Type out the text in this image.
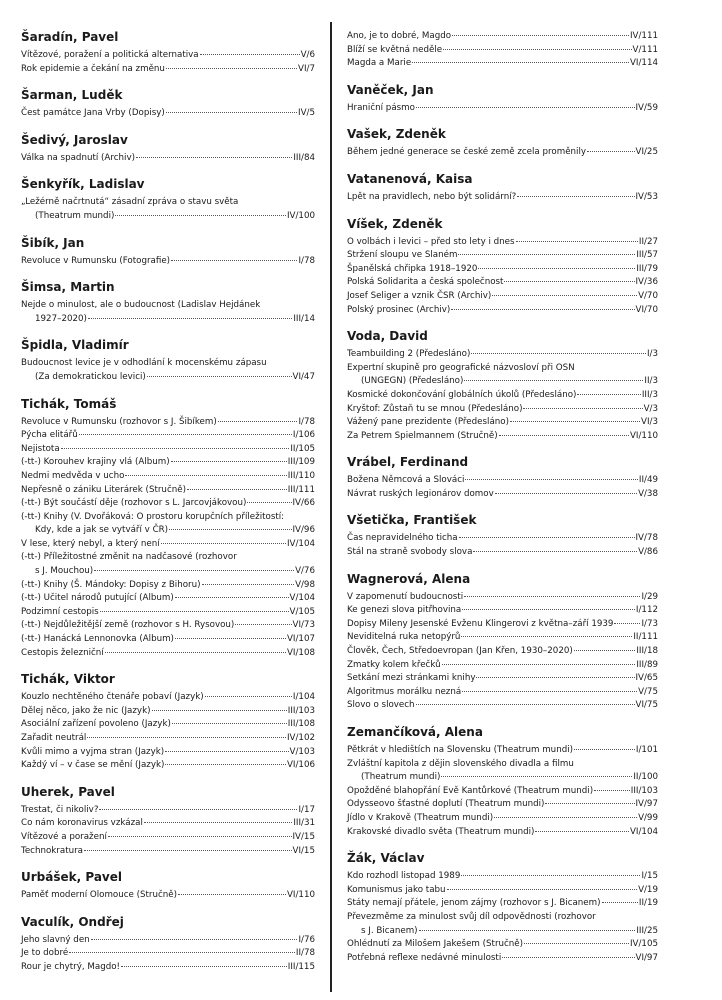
Šaradín, Pavel
Vítězové, poražení a politická alternativa	V/6
Rok epidemie a čekání na změnu	VI/7
Šarman, Luděk
Čest památce Jana Vrby (Dopisy)	IV/5
Šedivý, Jaroslav
Válka na spadnutí (Archiv)	III/84
Šenkyřík, Ladislav
„Ležérně načrtnutá“ zásadní zpráva o stavu světa
(Theatrum mundi)	IV/100
Šibík, Jan
Revoluce v Rumunsku (Fotografie)	I/78
Šimsa, Martin
Nejde o minulost, ale o budoucnost (Ladislav Hejdánek
1927–2020)	III/14
Špidla, Vladimír
Budoucnost levice je v odhodlání k mocenskému zápasu
(Za demokratickou levici)	VI/47
Tichák, Tomáš
Revoluce v Rumunsku (rozhovor s J. Šibíkem)	I/78
Pýcha elitářů	I/106
Nejistota	II/105
(-tt-) Korouhev krajiny vlá (Album)	III/109
Nedmi medvěda v ucho	III/110
Nepřesně o zániku Literárek (Stručně)	III/111
(-tt-) Být součástí děje (rozhovor s L. Jarcovjákovou)	IV/66
(-tt-) Knihy (V. Dvořáková: O prostoru korupčních příležitostí:
Kdy, kde a jak se vytváří v ČR)	IV/96
V lese, který nebyl, a který není	IV/104
(-tt-) Příležitostné změnit na nadčasové (rozhovor
s J. Mouchou)	V/76
(-tt-) Knihy (Š. Mándoky: Dopisy z Bihoru)	V/98
(-tt-) Učitel národů putující (Album)	V/104
Podzimní cestopis	V/105
(-tt-) Nejdůležitější země (rozhovor s H. Rysovou)	VI/73
(-tt-) Hanácká Lennonovka (Album)	VI/107
Cestopis železniční	VI/108
Tichák, Viktor
Kouzlo nechtěného čtenáře pobaví (Jazyk)	I/104
Dělej něco, jako že nic (Jazyk)	III/103
Asociální zařízení povoleno (Jazyk)	III/108
Zařadit neutrál	IV/102
Kvůli mimo a vyjma stran (Jazyk)	V/103
Každý ví – v čase se mění (Jazyk)	VI/106
Uherek, Pavel
Trestat, či nikoliv?	I/17
Co nám koronavirus vzkázal	III/31
Vítězové a poražení	IV/15
Technokratura	VI/15
Urbášek, Pavel
Paměť moderní Olomouce (Stručně)	VI/110
Vaculík, Ondřej
Jeho slavný den	I/76
Je to dobré	II/78
Rour je chytrý, Magdo!	III/115
Ano, je to dobré, Magdo	IV/111
Blíží se květná neděle	V/111
Magda a Marie	VI/114
Vaněček, Jan
Hraniční pásmo	IV/59
Vašek, Zdeněk
Během jedné generace se české země zcela proměnily	VI/25
Vatanenová, Kaisa
Lpět na pravidlech, nebo být solidární?	IV/53
Víšek, Zdeněk
O volbách i levici – před sto lety i dnes	II/27
Stržení sloupu ve Slaném	III/57
Španělská chřipka 1918–1920	III/79
Polská Solidarita a česká společnost	IV/36
Josef Seliger a vznik ČSR (Archiv)	V/70
Polský prosinec (Archiv)	VI/70
Voda, David
Teambuilding 2 (Předesláno)	I/3
Expertní skupině pro geografické názvosloví při OSN
(UNGEGN) (Předesláno)	II/3
Kosmické dokončování globálních úkolů (Předesláno)	III/3
Kryštof: Zůstaň tu se mnou (Předesláno)	V/3
Vážený pane prezidente (Předesláno)	VI/3
Za Petrem Spielmannem (Stručně)	VI/110
Vrábel, Ferdinand
Božena Němcová a Slováci	II/49
Návrat ruských legionárov domov	V/38
Všetička, František
Čas nepravidelného ticha	IV/78
Stál na straně svobody slova	V/86
Wagnerová, Alena
V zapomenutí budoucnosti	I/29
Ke genezi slova pitřhovina	I/112
Dopisy Mileny Jesenské Evženu Klingerovi z května–září 1939	I/73
Neviditelná ruka netopýrů	II/111
Člověk, Čech, Středoevropan (Jan Křen, 1930–2020)	III/18
Zmatky kolem křečků	III/89
Setkání mezi stránkami knihy	IV/65
Algoritmus morálku nezná	V/75
Slovo o slovech	VI/75
Zemančíková, Alena
Pětkrát v hledištích na Slovensku (Theatrum mundi)	I/101
Zvláštní kapitola z dějin slovenského divadla a filmu
(Theatrum mundi)	II/100
Opožděné blahopřání Evě Kantůrkové (Theatrum mundi)	III/103
Odysseovo šťastné doplutí (Theatrum mundi)	IV/97
Jídlo v Krakově (Theatrum mundi)	V/99
Krakovské divadlo světa (Theatrum mundi)	VI/104
Žák, Václav
Kdo rozhodl listopad 1989	I/15
Komunismus jako tabu	V/19
Státy nemají přátele, jenom zájmy (rozhovor s J. Bicanem)	II/19
Převezměme za minulost svůj díl odpovědnosti (rozhovor
s J. Bicanem)	III/25
Ohlédnutí za Milošem Jakešem (Stručně)	IV/105
Potřebná reflexe nedávné minulosti	VI/97
